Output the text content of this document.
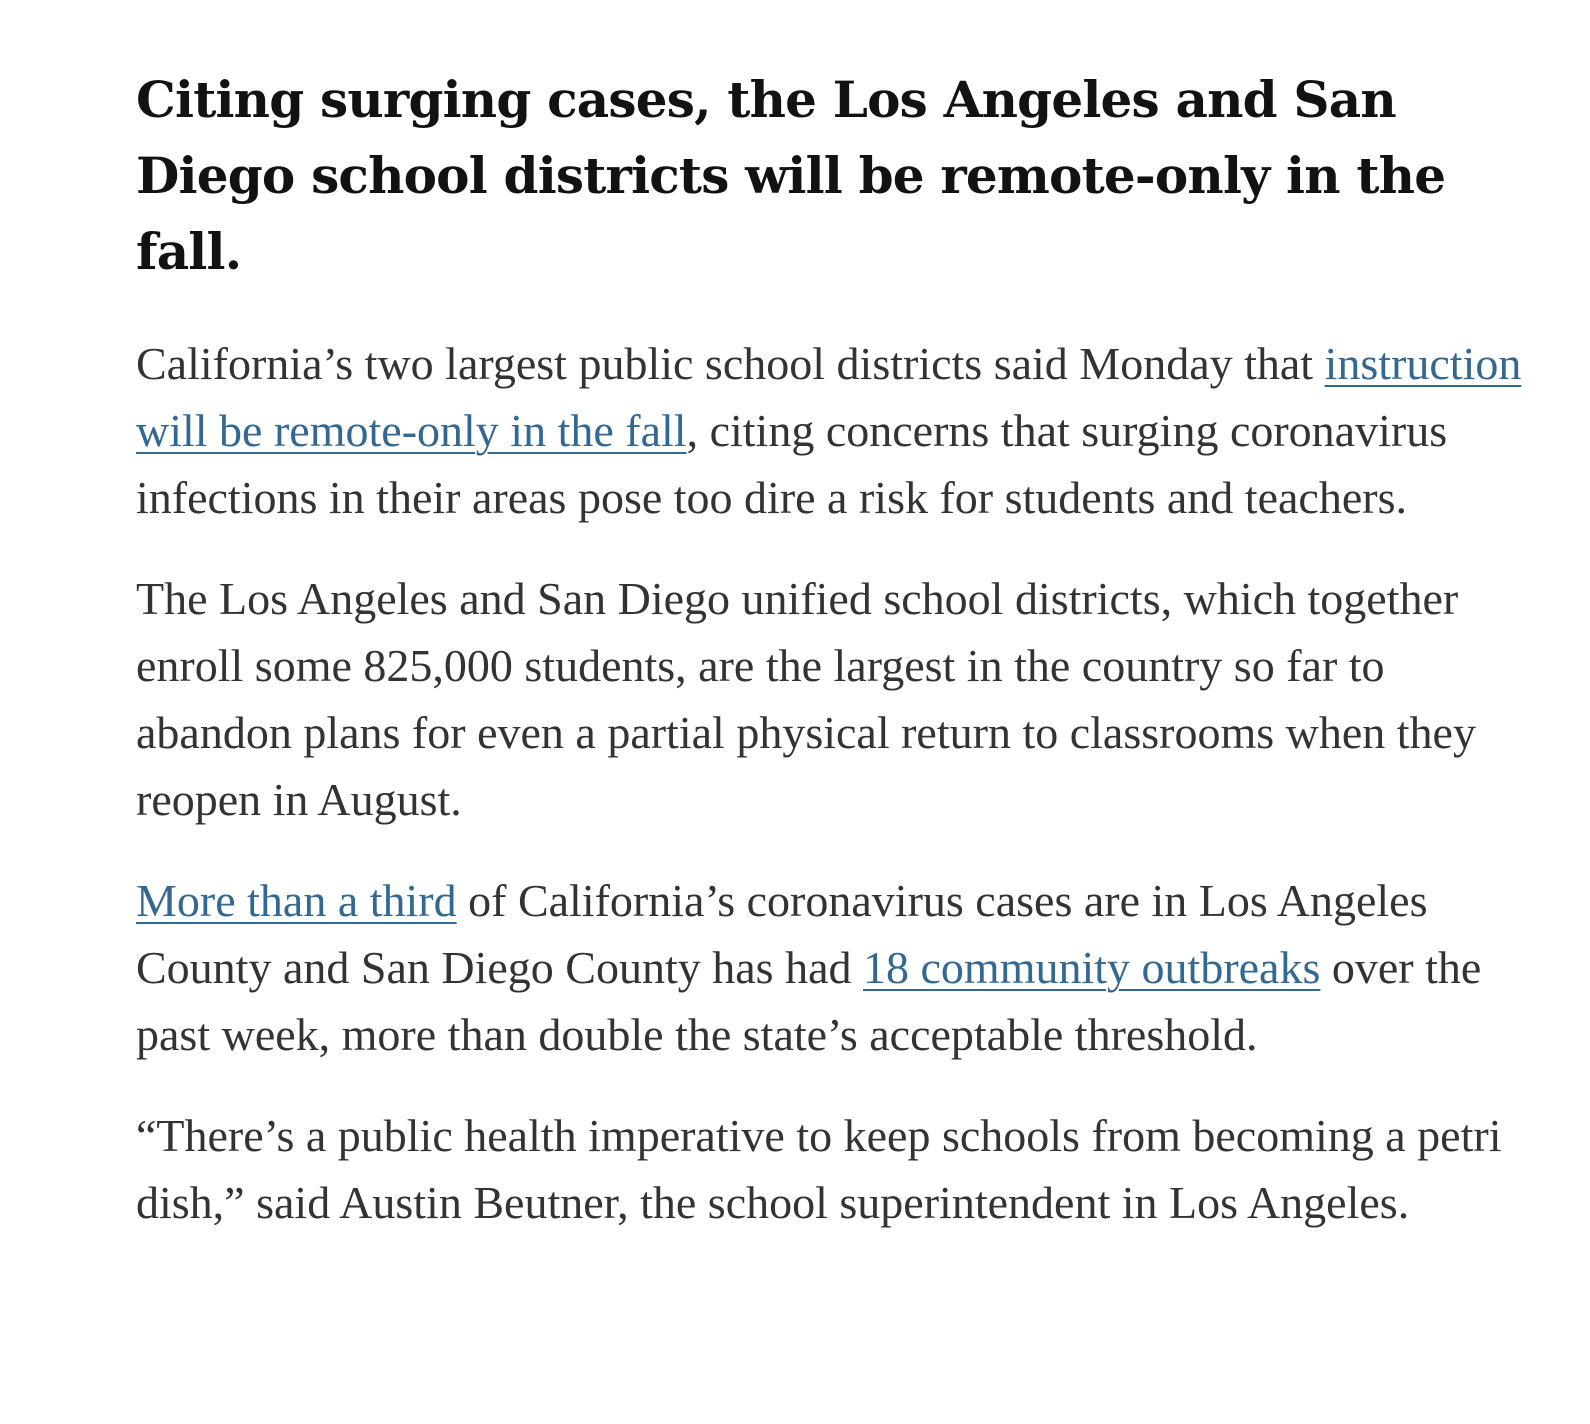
Citing surging cases, the Los Angeles and San Diego school districts will be remote-only in the fall.

California’s two largest public school districts said Monday that instruction will be remote-only in the fall, citing concerns that surging coronavirus infections in their areas pose too dire a risk for students and teachers.

The Los Angeles and San Diego unified school districts, which together enroll some 825,000 students, are the largest in the country so far to abandon plans for even a partial physical return to classrooms when they reopen in August.

More than a third of California’s coronavirus cases are in Los Angeles County and San Diego County has had 18 community outbreaks over the past week, more than double the state’s acceptable threshold.

“There’s a public health imperative to keep schools from becoming a petri dish,” said Austin Beutner, the school superintendent in Los Angeles.
